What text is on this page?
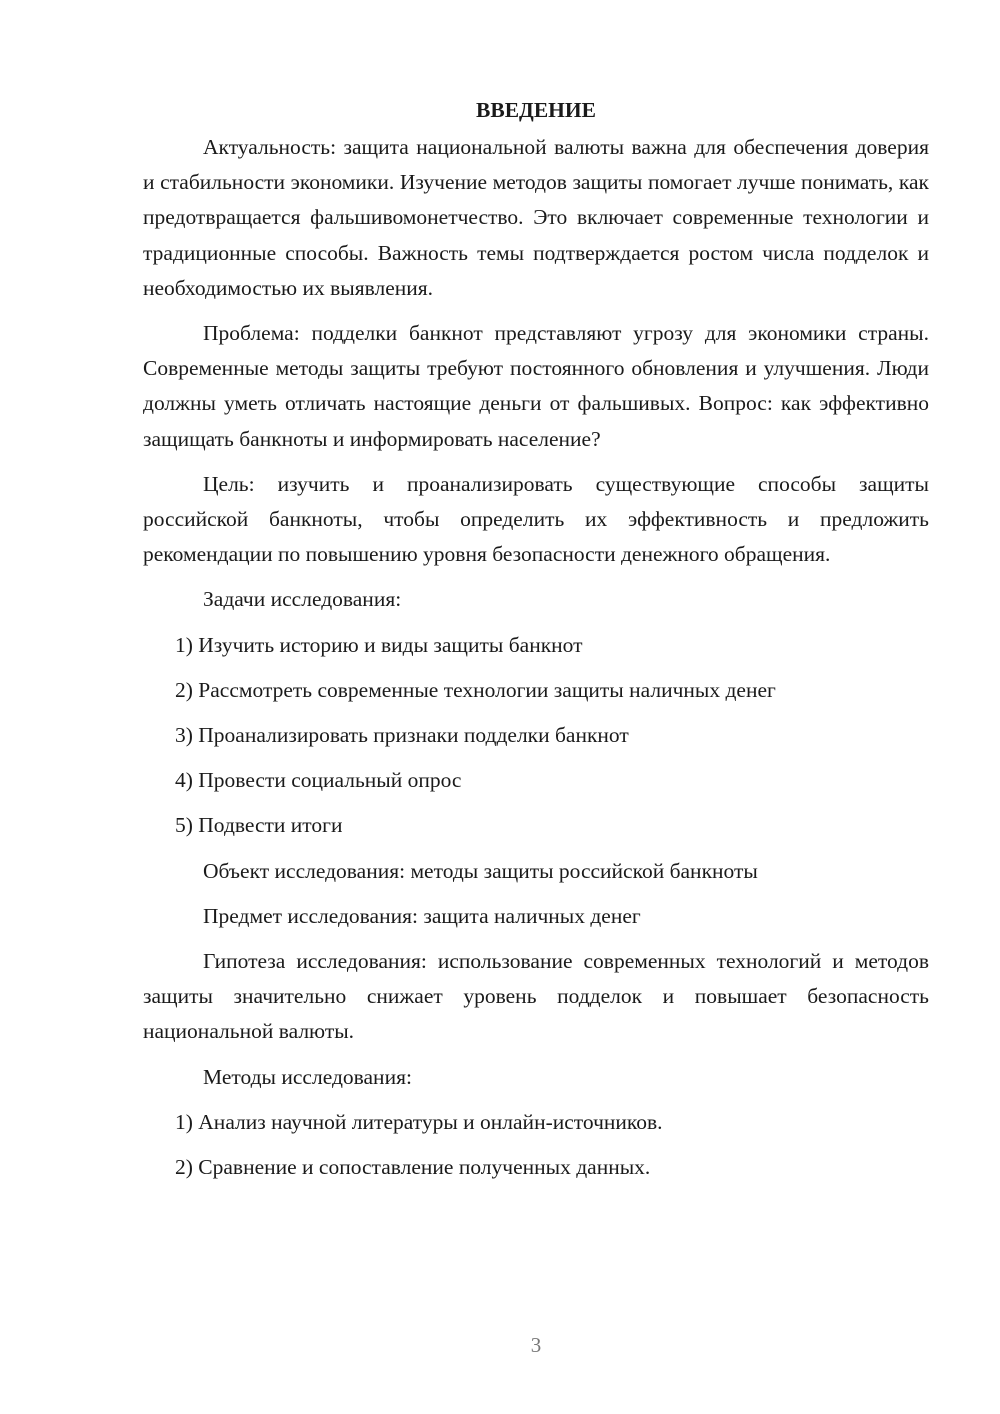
ВВЕДЕНИЕ

Актуальность: защита национальной валюты важна для обеспечения доверия и стабильности экономики. Изучение методов защиты помогает лучше понимать, как предотвращается фальшивомонетчество. Это включает современные технологии и традиционные способы. Важность темы подтверждается ростом числа подделок и необходимостью их выявления.

Проблема: подделки банкнот представляют угрозу для экономики страны. Современные методы защиты требуют постоянного обновления и улучшения. Люди должны уметь отличать настоящие деньги от фальшивых. Вопрос: как эффективно защищать банкноты и информировать население?

Цель: изучить и проанализировать существующие способы защиты российской банкноты, чтобы определить их эффективность и предложить рекомендации по повышению уровня безопасности денежного обращения.

Задачи исследования:
1) Изучить историю и виды защиты банкнот
2) Рассмотреть современные технологии защиты наличных денег
3) Проанализировать признаки подделки банкнот
4) Провести социальный опрос
5) Подвести итоги
Объект исследования: методы защиты российской банкноты
Предмет исследования: защита наличных денег

Гипотеза исследования: использование современных технологий и методов защиты значительно снижает уровень подделок и повышает безопасность национальной валюты.

Методы исследования:
1) Анализ научной литературы и онлайн-источников.
2) Сравнение и сопоставление полученных данных.
3
